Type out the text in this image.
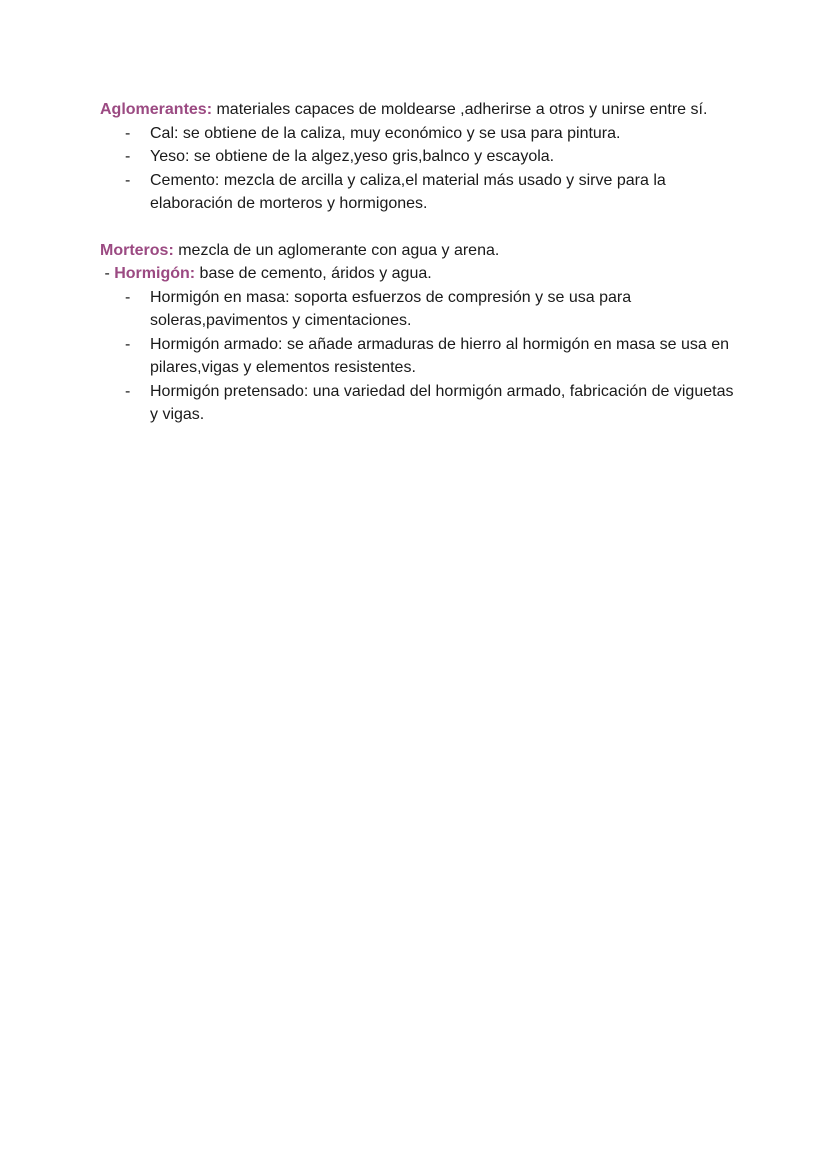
Aglomerantes: materiales capaces de moldearse ,adherirse a otros y unirse entre sí.

- Cal: se obtiene de la caliza, muy económico y se usa para pintura.
- Yeso: se obtiene de la algez,yeso gris,balnco y escayola.
- Cemento: mezcla de arcilla y caliza,el material más usado y sirve para la elaboración de morteros y hormigones.

Morteros: mezcla de un aglomerante con agua y arena.

- Hormigón: base de cemento, áridos y agua.

- Hormigón en masa: soporta esfuerzos de compresión y se usa para soleras,pavimentos y cimentaciones.
- Hormigón armado: se añade armaduras de hierro al hormigón en masa se usa en pilares,vigas y elementos resistentes.
- Hormigón pretensado: una variedad del hormigón armado, fabricación de viguetas y vigas.
